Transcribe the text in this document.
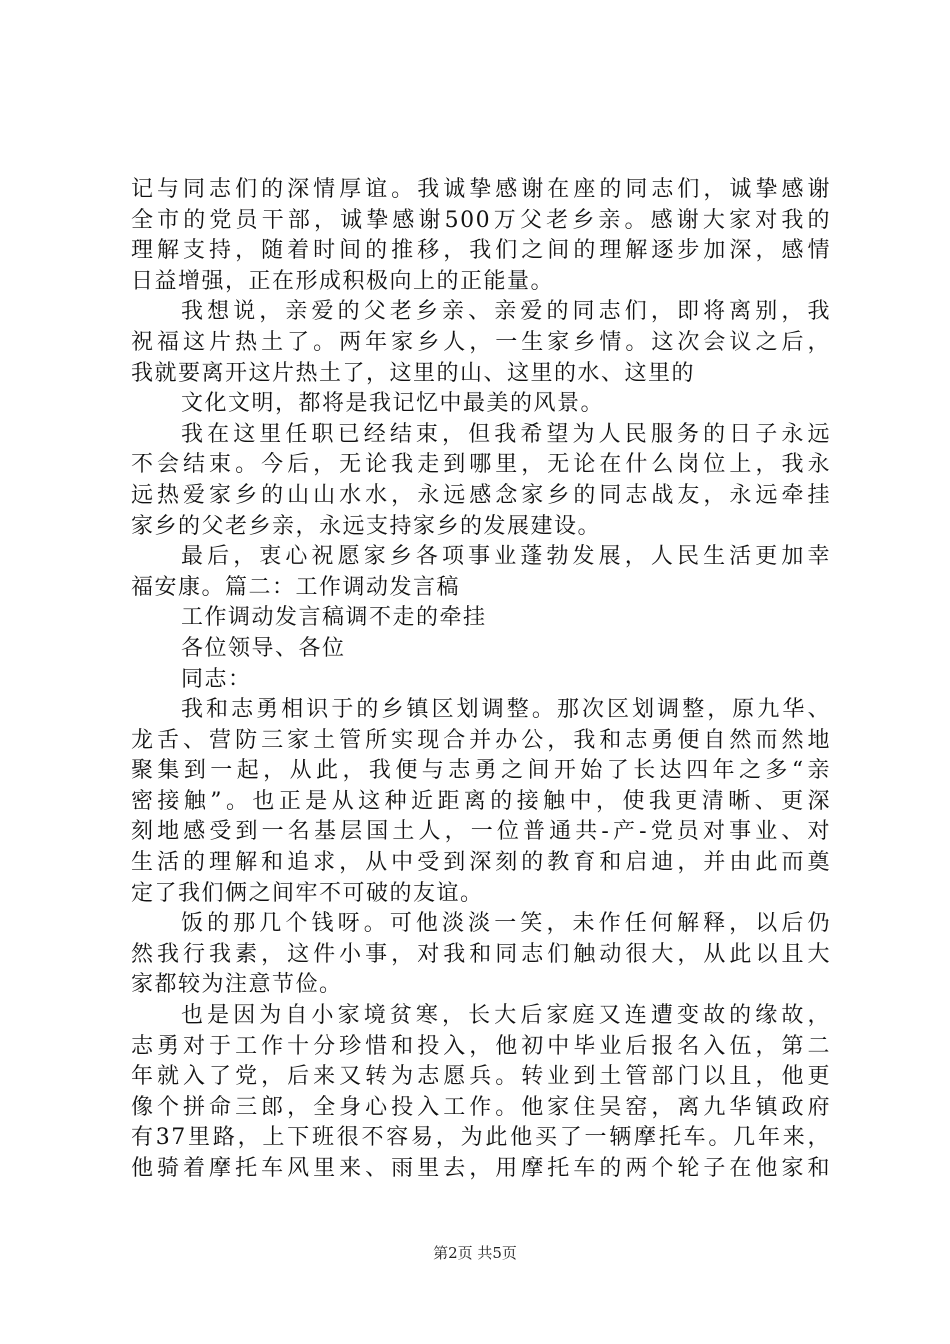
记与同志们的深情厚谊。我诚挚感谢在座的同志们，诚挚感谢
全市的党员干部，诚挚感谢500万父老乡亲。感谢大家对我的
理解支持，随着时间的推移，我们之间的理解逐步加深，感情
日益增强，正在形成积极向上的正能量。
我想说，亲爱的父老乡亲、亲爱的同志们，即将离别，我
祝福这片热土了。两年家乡人，一生家乡情。这次会议之后，
我就要离开这片热土了，这里的山、这里的水、这里的
文化文明，都将是我记忆中最美的风景。
我在这里任职已经结束，但我希望为人民服务的日子永远
不会结束。今后，无论我走到哪里，无论在什么岗位上，我永
远热爱家乡的山山水水，永远感念家乡的同志战友，永远牵挂
家乡的父老乡亲，永远支持家乡的发展建设。
最后，衷心祝愿家乡各项事业蓬勃发展，人民生活更加幸
福安康。篇二：工作调动发言稿
工作调动发言稿调不走的牵挂
各位领导、各位
同志：
我和志勇相识于的乡镇区划调整。那次区划调整，原九华、
龙舌、营防三家土管所实现合并办公，我和志勇便自然而然地
聚集到一起，从此，我便与志勇之间开始了长达四年之多“亲
密接触”。也正是从这种近距离的接触中，使我更清晰、更深
刻地感受到一名基层国土人，一位普通共-产-党员对事业、对
生活的理解和追求，从中受到深刻的教育和启迪，并由此而奠
定了我们俩之间牢不可破的友谊。
饭的那几个钱呀。可他淡淡一笑，未作任何解释，以后仍
然我行我素，这件小事，对我和同志们触动很大，从此以且大
家都较为注意节俭。
也是因为自小家境贫寒，长大后家庭又连遭变故的缘故，
志勇对于工作十分珍惜和投入，他初中毕业后报名入伍，第二
年就入了党，后来又转为志愿兵。转业到土管部门以且，他更
像个拼命三郎，全身心投入工作。他家住吴窑，离九华镇政府
有37里路，上下班很不容易，为此他买了一辆摩托车。几年来，
他骑着摩托车风里来、雨里去，用摩托车的两个轮子在他家和
第2页 共5页
